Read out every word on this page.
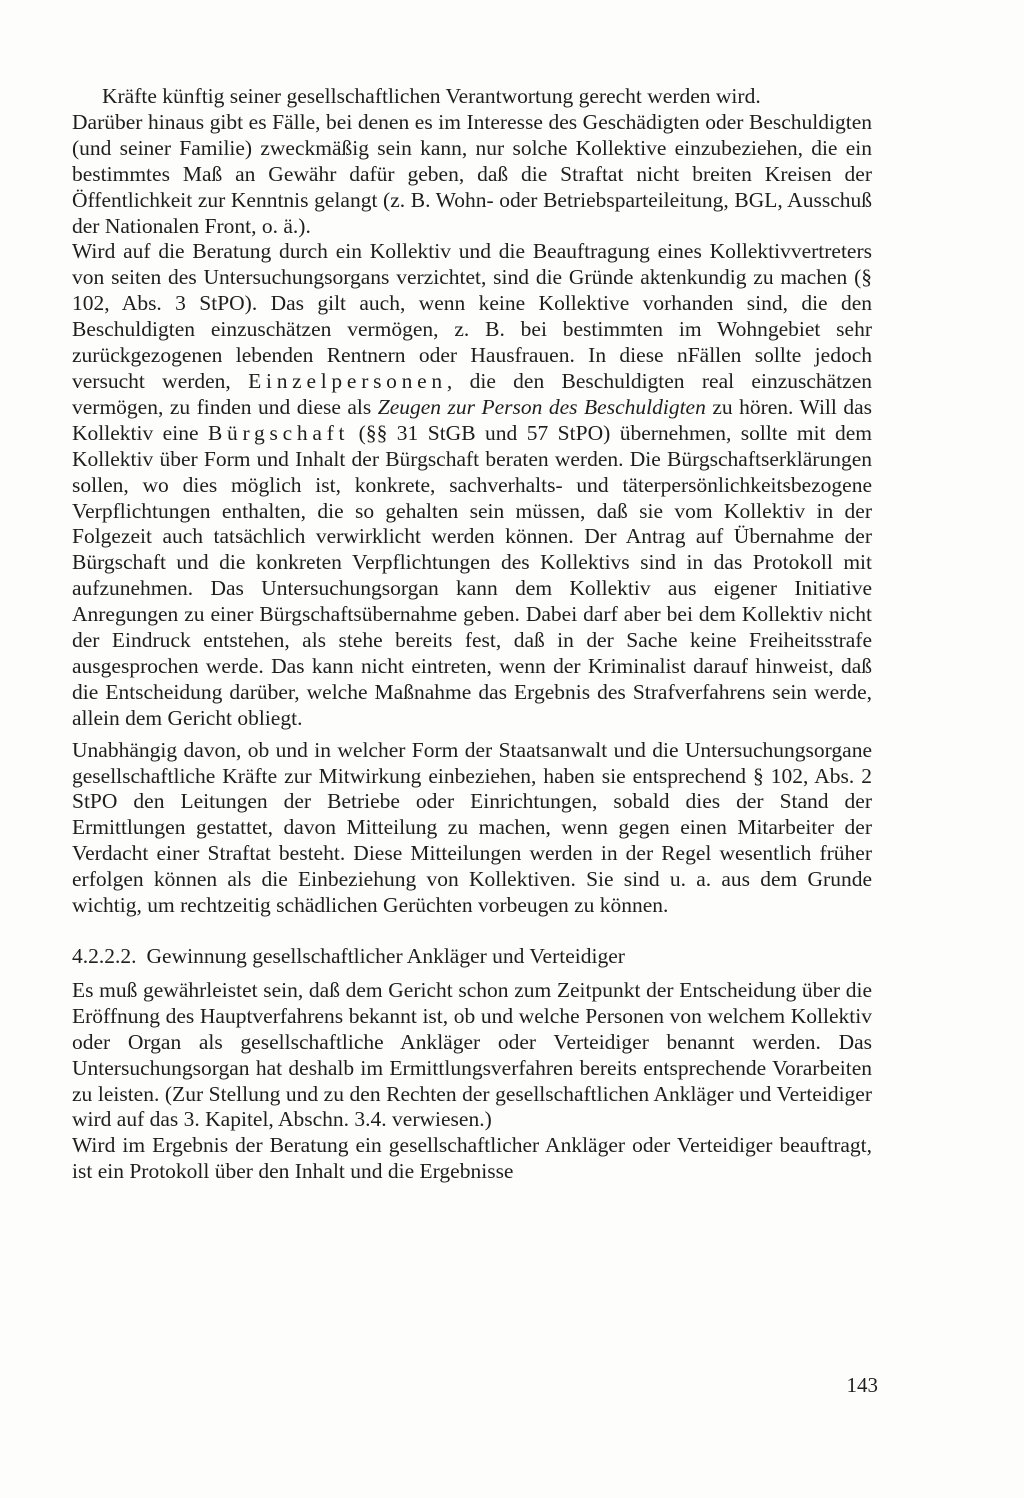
Kräfte künftig seiner gesellschaftlichen Verantwortung gerecht werden wird.

Darüber hinaus gibt es Fälle, bei denen es im Interesse des Geschädigten oder Beschuldigten (und seiner Familie) zweckmäßig sein kann, nur solche Kollektive einzubeziehen, die ein bestimmtes Maß an Gewähr dafür geben, daß die Straftat nicht breiten Kreisen der Öffentlichkeit zur Kenntnis gelangt (z. B. Wohn- oder Betriebsparteileitung, BGL, Ausschuß der Nationalen Front, o. ä.).

Wird auf die Beratung durch ein Kollektiv und die Beauftragung eines Kollektivvertreters von seiten des Untersuchungsorgans verzichtet, sind die Gründe aktenkundig zu machen (§ 102, Abs. 3 StPO). Das gilt auch, wenn keine Kollektive vorhanden sind, die den Beschuldigten einzuschätzen vermögen, z. B. bei bestimmten im Wohngebiet sehr zurückgezogenen lebenden Rentnern oder Hausfrauen. In diese nFällen sollte jedoch versucht werden, Einzelpersonen, die den Beschuldigten real einzuschätzen vermögen, zu finden und diese als Zeugen zur Person des Beschuldigten zu hören. Will das Kollektiv eine Bürgschaft (§§ 31 StGB und 57 StPO) übernehmen, sollte mit dem Kollektiv über Form und Inhalt der Bürgschaft beraten werden. Die Bürgschaftserklärungen sollen, wo dies möglich ist, konkrete, sachverhalts- und täterpersönlichkeitsbezogene Verpflichtungen enthalten, die so gehalten sein müssen, daß sie vom Kollektiv in der Folgezeit auch tatsächlich verwirklicht werden können. Der Antrag auf Übernahme der Bürgschaft und die konkreten Verpflichtungen des Kollektivs sind in das Protokoll mit aufzunehmen. Das Untersuchungsorgan kann dem Kollektiv aus eigener Initiative Anregungen zu einer Bürgschaftsübernahme geben. Dabei darf aber bei dem Kollektiv nicht der Eindruck entstehen, als stehe bereits fest, daß in der Sache keine Freiheitsstrafe ausgesprochen werde. Das kann nicht eintreten, wenn der Kriminalist darauf hinweist, daß die Entscheidung darüber, welche Maßnahme das Ergebnis des Strafverfahrens sein werde, allein dem Gericht obliegt.

Unabhängig davon, ob und in welcher Form der Staatsanwalt und die Untersuchungsorgane gesellschaftliche Kräfte zur Mitwirkung einbeziehen, haben sie entsprechend § 102, Abs. 2 StPO den Leitungen der Betriebe oder Einrichtungen, sobald dies der Stand der Ermittlungen gestattet, davon Mitteilung zu machen, wenn gegen einen Mitarbeiter der Verdacht einer Straftat besteht. Diese Mitteilungen werden in der Regel wesentlich früher erfolgen können als die Einbeziehung von Kollektiven. Sie sind u. a. aus dem Grunde wichtig, um rechtzeitig schädlichen Gerüchten vorbeugen zu können.

4.2.2.2. Gewinnung gesellschaftlicher Ankläger und Verteidiger

Es muß gewährleistet sein, daß dem Gericht schon zum Zeitpunkt der Entscheidung über die Eröffnung des Hauptverfahrens bekannt ist, ob und welche Personen von welchem Kollektiv oder Organ als gesellschaftliche Ankläger oder Verteidiger benannt werden. Das Untersuchungsorgan hat deshalb im Ermittlungsverfahren bereits entsprechende Vorarbeiten zu leisten. (Zur Stellung und zu den Rechten der gesellschaftlichen Ankläger und Verteidiger wird auf das 3. Kapitel, Abschn. 3.4. verwiesen.)

Wird im Ergebnis der Beratung ein gesellschaftlicher Ankläger oder Verteidiger beauftragt, ist ein Protokoll über den Inhalt und die Ergebnisse

143
